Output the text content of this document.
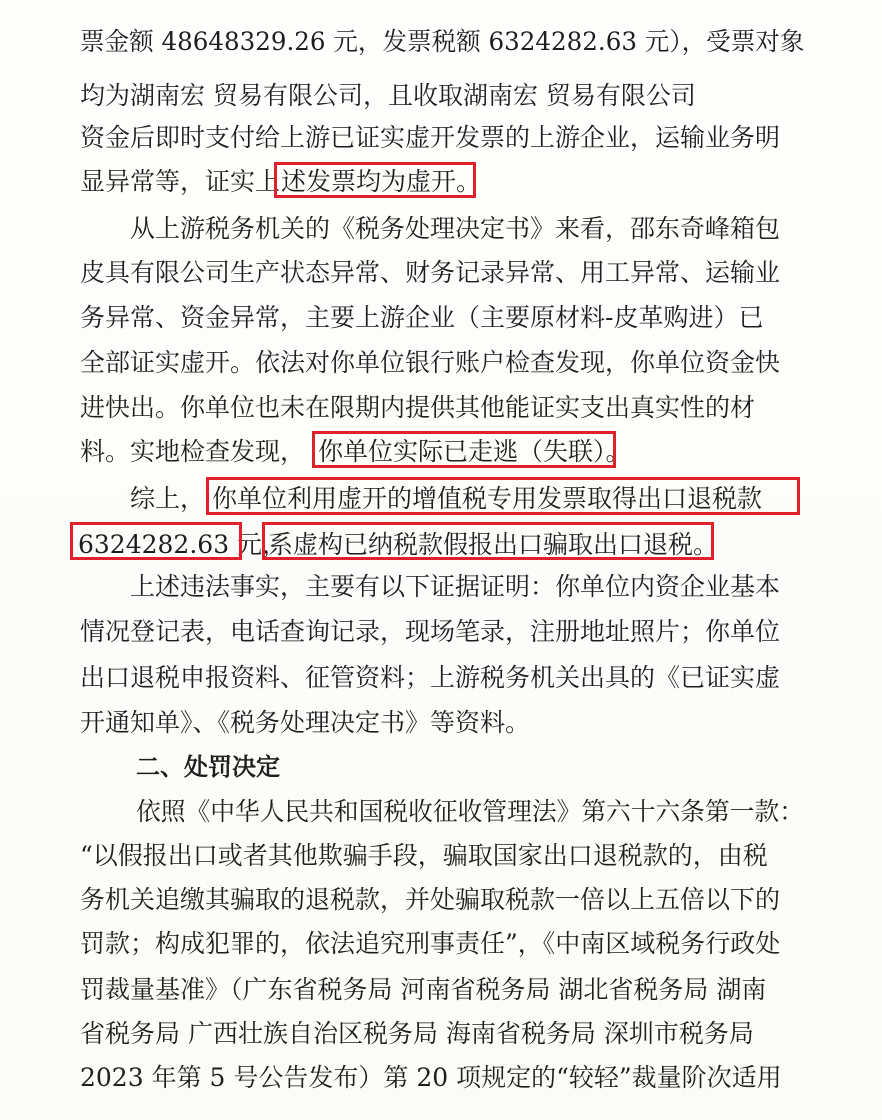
票金额 48648329.26 元，发票税额 6324282.63 元），受票对象
均为湖南宏 贸易有限公司，且收取湖南宏 贸易有限公司
资金后即时支付给上游已证实虚开发票的上游企业，运输业务明
显异常等，证实上 述发票均为虚开。
从上游税务机关的《税务处理决定书》来看，邵东奇峰箱包
皮具有限公司生产状态异常、财务记录异常、用工异常、运输业
务异常、资金异常，主要上游企业（主要原材料-皮革购进）已
全部证实虚开。依法对你单位银行账户检查发现，你单位资金快
进快出。你单位也未在限期内提供其他能证实支出真实性的材
料。实地检查发现， 你单位实际已走逃（失联）。
综上， 你单位利用虚开的增值税专用发票取得出口退税款
6324282.63 元，
系虚构已纳税款假报出口骗取出口退税。
上述违法事实，主要有以下证据证明：你单位内资企业基本
情况登记表，电话查询记录，现场笔录，注册地址照片；你单位
出口退税申报资料、征管资料；上游税务机关出具的《已证实虚
开通知单》、《税务处理决定书》等资料。
二、处罚决定
依照《中华人民共和国税收征收管理法》第六十六条第一款：
“以假报出口或者其他欺骗手段，骗取国家出口退税款的，由税
务机关追缴其骗取的退税款，并处骗取税款一倍以上五倍以下的
罚款；构成犯罪的，依法追究刑事责任”，《中南区域税务行政处
罚裁量基准》（广东省税务局 河南省税务局 湖北省税务局 湖南
省税务局 广西壮族自治区税务局 海南省税务局 深圳市税务局
2023 年第 5 号公告发布）第 20 项规定的“较轻”裁量阶次适用
